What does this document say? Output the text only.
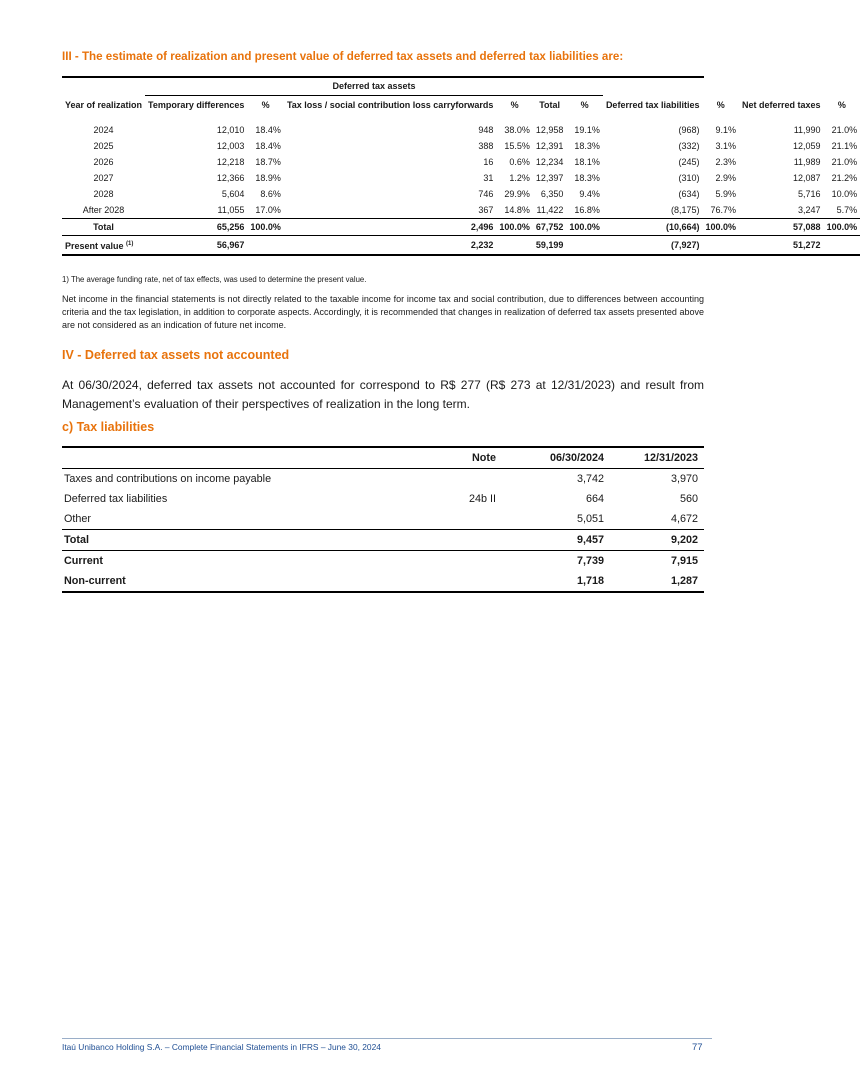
III - The estimate of realization and present value of deferred tax assets and deferred tax liabilities are:
	Deferred tax assets									
Year of realization	Temporary differences	%	Tax loss / social contribution loss carryforwards	%	Total	%	Deferred tax liabilities	%	Net deferred taxes	%
2024	12,010	18.4%	948	38.0%	12,958	19.1%	(968)	9.1%	11,990	21.0%
2025	12,003	18.4%	388	15.5%	12,391	18.3%	(332)	3.1%	12,059	21.1%
2026	12,218	18.7%	16	0.6%	12,234	18.1%	(245)	2.3%	11,989	21.0%
2027	12,366	18.9%	31	1.2%	12,397	18.3%	(310)	2.9%	12,087	21.2%
2028	5,604	8.6%	746	29.9%	6,350	9.4%	(634)	5.9%	5,716	10.0%
After 2028	11,055	17.0%	367	14.8%	11,422	16.8%	(8,175)	76.7%	3,247	5.7%
Total	65,256	100.0%	2,496	100.0%	67,752	100.0%	(10,664)	100.0%	57,088	100.0%
Present value $^{(1)}$	56,967		2,232		59,199		(7,927)		51,272	
1) The average funding rate, net of tax effects, was used to determine the present value.
Net income in the financial statements is not directly related to the taxable income for income tax and social contribution, due to differences between accounting criteria and the tax legislation, in addition to corporate aspects. Accordingly, it is recommended that changes in realization of deferred tax assets presented above are not considered as an indication of future net income.
IV - Deferred tax assets not accounted
At 06/30/2024, deferred tax assets not accounted for correspond to R$ 277 (R$ 273 at 12/31/2023) and result from Management’s evaluation of their perspectives of realization in the long term.
c) Tax liabilities
	Note	06/30/2024	12/31/2023
Taxes and contributions on income payable		3,742	3,970
Deferred tax liabilities	24b II	664	560
Other		5,051	4,672
Total		9,457	9,202
Current		7,739	7,915
Non-current		1,718	1,287
Itaú Unibanco Holding S.A. – Complete Financial Statements in IFRS – June 30, 2024	77
